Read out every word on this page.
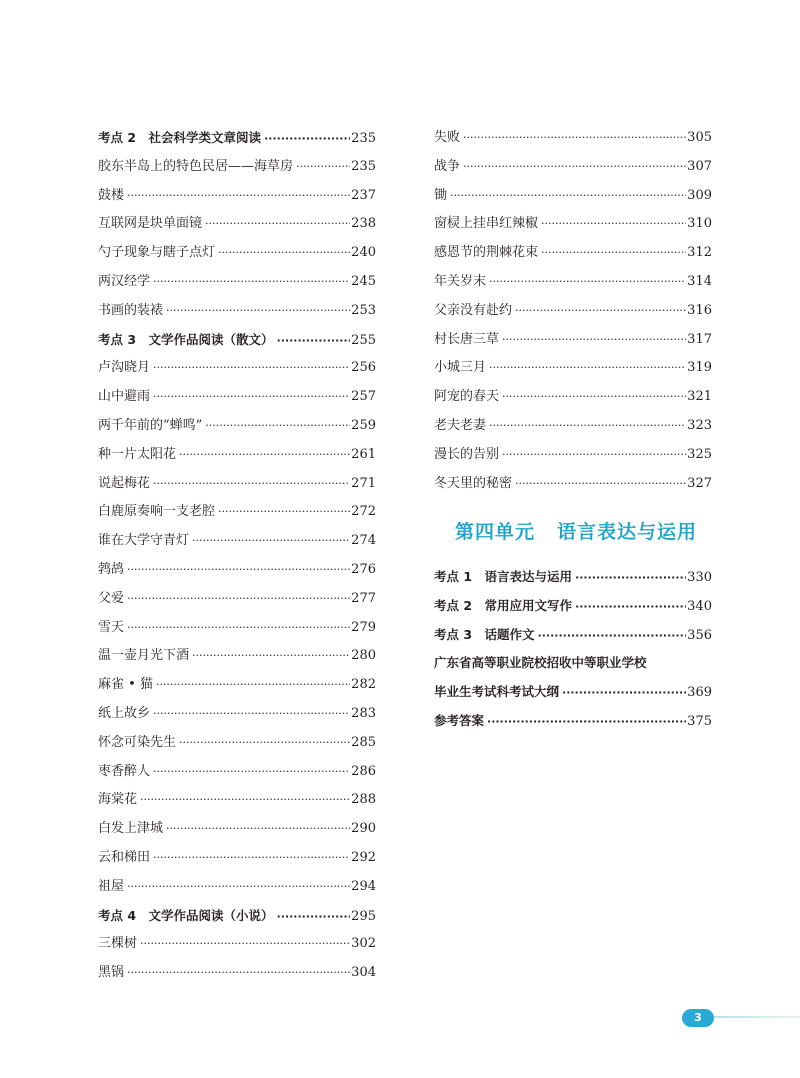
考点 2　社会科学类文章阅读 ·····	235
胶东半岛上的特色民居——海草房 ·····	235
鼓楼 ·····	237
互联网是块单面镜 ·····	238
勺子现象与瞎子点灯 ·····	240
两汉经学 ·····	245
书画的装裱 ·····	253
考点 3　文学作品阅读（散文） ·····	255
卢沟晓月 ·····	256
山中避雨 ·····	257
两千年前的“蝉鸣” ·····	259
种一片太阳花 ·····	261
说起梅花 ·····	271
白鹿原奏响一支老腔 ·····	272
谁在大学守青灯 ·····	274
鹁鸪 ·····	276
父爱 ·····	277
雪天 ·····	279
温一壶月光下酒 ·····	280
麻雀 • 猫 ·····	282
纸上故乡 ·····	283
怀念可染先生 ·····	285
枣香醉人 ·····	286
海棠花 ·····	288
白发上津城 ·····	290
云和梯田 ·····	292
祖屋 ·····	294
考点 4　文学作品阅读（小说） ·····	295
三棵树 ·····	302
黑锅 ·····	304
失败 ·····	305
战争 ·····	307
锄 ·····	309
窗棂上挂串红辣椒 ·····	310
感恩节的荆棘花束 ·····	312
年关岁末 ·····	314
父亲没有赴约 ·····	316
村长唐三草 ·····	317
小城三月 ·····	319
阿宠的春天 ·····	321
老夫老妻 ·····	323
漫长的告别 ·····	325
冬天里的秘密 ·····	327
第四单元 语言表达与运用
考点 1　语言表达与运用 ·····	330
考点 2　常用应用文写作 ·····	340
考点 3　话题作文 ·····	356
广东省高等职业院校招收中等职业学校
毕业生考试科考试大纲 ·····	369
参考答案 ·····	375
3
